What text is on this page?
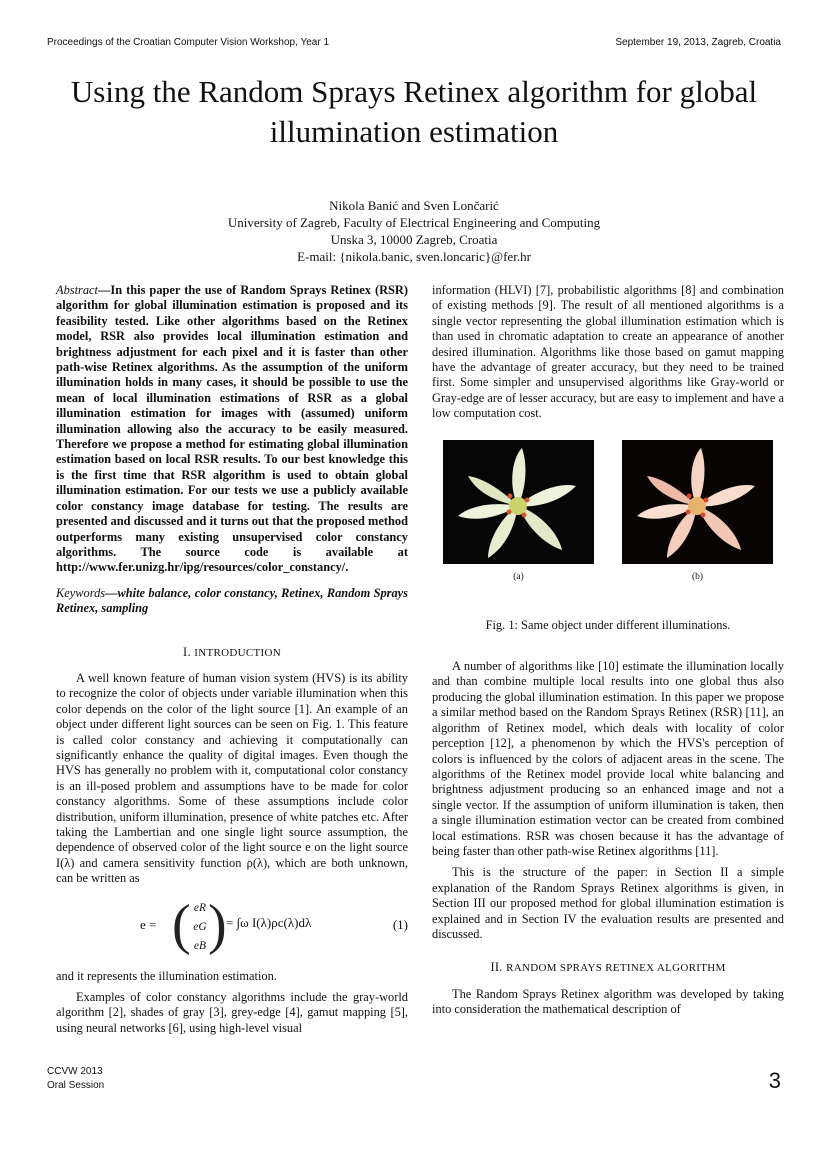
Proceedings of the Croatian Computer Vision Workshop, Year 1	September 19, 2013, Zagreb, Croatia
Using the Random Sprays Retinex algorithm for global illumination estimation
Nikola Banić and Sven Lončarić
University of Zagreb, Faculty of Electrical Engineering and Computing
Unska 3, 10000 Zagreb, Croatia
E-mail: {nikola.banic, sven.loncaric}@fer.hr

Abstract—In this paper the use of Random Sprays Retinex (RSR) algorithm for global illumination estimation is proposed and its feasibility tested. Like other algorithms based on the Retinex model, RSR also provides local illumination estimation and brightness adjustment for each pixel and it is faster than other path-wise Retinex algorithms. As the assumption of the uniform illumination holds in many cases, it should be possible to use the mean of local illumination estimations of RSR as a global illumination estimation for images with (assumed) uniform illumination allowing also the accuracy to be easily measured. Therefore we propose a method for estimating global illumination estimation based on local RSR results. To our best knowledge this is the first time that RSR algorithm is used to obtain global illumination estimation. For our tests we use a publicly available color constancy image database for testing. The results are presented and discussed and it turns out that the proposed method outperforms many existing unsupervised color constancy algorithms. The source code is available at http://www.fer.unizg.hr/ipg/resources/color_constancy/.

Keywords—white balance, color constancy, Retinex, Random Sprays Retinex, sampling

I. INTRODUCTION

A well known feature of human vision system (HVS) is its ability to recognize the color of objects under variable illumination when this color depends on the color of the light source [1]. An example of an object under different light sources can be seen on Fig. 1. This feature is called color constancy and achieving it computationally can significantly enhance the quality of digital images. Even though the HVS has generally no problem with it, computational color constancy is an ill-posed problem and assumptions have to be made for color constancy algorithms. Some of these assumptions include color distribution, uniform illumination, presence of white patches etc. After taking the Lambertian and one single light source assumption, the dependence of observed color of the light source e on the light source I(λ) and camera sensitivity function ρ(λ), which are both unknown, can be written as

e = ( eR
eG
eB ) = ∫ω I(λ)ρc(λ)dλ	(1)

and it represents the illumination estimation.

Examples of color constancy algorithms include the gray-world algorithm [2], shades of gray [3], grey-edge [4], gamut mapping [5], using neural networks [6], using high-level visual

information (HLVI) [7], probabilistic algorithms [8] and combination of existing methods [9]. The result of all mentioned algorithms is a single vector representing the global illumination estimation which is than used in chromatic adaptation to create an appearance of another desired illumination. Algorithms like those based on gamut mapping have the advantage of greater accuracy, but they need to be trained first. Some simpler and unsupervised algorithms like Gray-world or Gray-edge are of lesser accuracy, but are easy to implement and have a low computation cost.

(a)	(b)

Fig. 1: Same object under different illuminations.

A number of algorithms like [10] estimate the illumination locally and than combine multiple local results into one global thus also producing the global illumination estimation. In this paper we propose a similar method based on the Random Sprays Retinex (RSR) [11], an algorithm of Retinex model, which deals with locality of color perception [12], a phenomenon by which the HVS's perception of colors is influenced by the colors of adjacent areas in the scene. The algorithms of the Retinex model provide local white balancing and brightness adjustment producing so an enhanced image and not a single vector. If the assumption of uniform illumination is taken, then a single illumination estimation vector can be created from combined local estimations. RSR was chosen because it has the advantage of being faster than other path-wise Retinex algorithms [11].

This is the structure of the paper: in Section II a simple explanation of the Random Sprays Retinex algorithms is given, in Section III our proposed method for global illumination estimation is explained and in Section IV the evaluation results are presented and discussed.

II. RANDOM SPRAYS RETINEX ALGORITHM

The Random Sprays Retinex algorithm was developed by taking into consideration the mathematical description of

CCVW 2013
Oral Session	3
